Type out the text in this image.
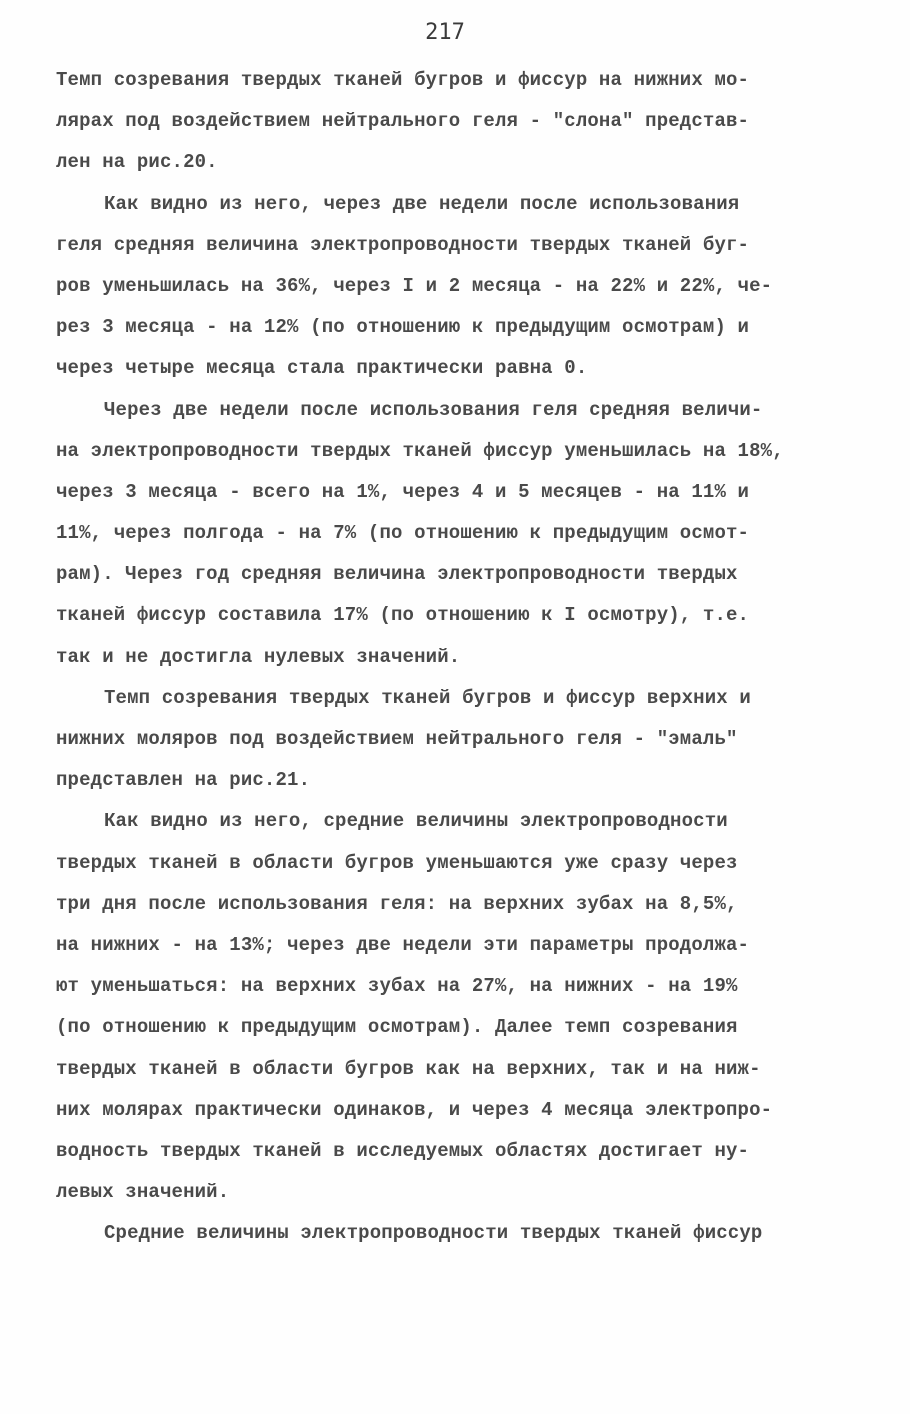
217
Темп созревания твердых тканей бугров и фиссур на нижних мо-
лярах под воздействием нейтрального геля - "слона" представ-
лен на рис.20.
Как видно из него, через две недели после использования
геля средняя величина электропроводности твердых тканей буг-
ров уменьшилась на 36%, через I и 2 месяца - на 22% и 22%, че-
рез 3 месяца - на 12% (по отношению к предыдущим осмотрам) и
через четыре месяца стала практически равна 0.
Через две недели после использования геля средняя величи-
на электропроводности твердых тканей фиссур уменьшилась на 18%,
через 3 месяца - всего на 1%, через 4 и 5 месяцев - на 11% и
11%, через полгода - на 7% (по отношению к предыдущим осмот-
рам). Через год средняя величина электропроводности твердых
тканей фиссур составила 17% (по отношению к I осмотру), т.е.
так и не достигла нулевых значений.
Темп созревания твердых тканей бугров и фиссур верхних и
нижних моляров под воздействием нейтрального геля - "эмаль"
представлен на рис.21.
Как видно из него, средние величины электропроводности
твердых тканей в области бугров уменьшаются уже сразу через
три дня после использования геля: на верхних зубах на 8,5%,
на нижних - на 13%; через две недели эти параметры продолжа-
ют уменьшаться: на верхних зубах на 27%, на нижних - на 19%
(по отношению к предыдущим осмотрам). Далее темп созревания
твердых тканей в области бугров как на верхних, так и на ниж-
них молярах практически одинаков, и через 4 месяца электропро-
водность твердых тканей в исследуемых областях достигает ну-
левых значений.
Средние величины электропроводности твердых тканей фиссур
